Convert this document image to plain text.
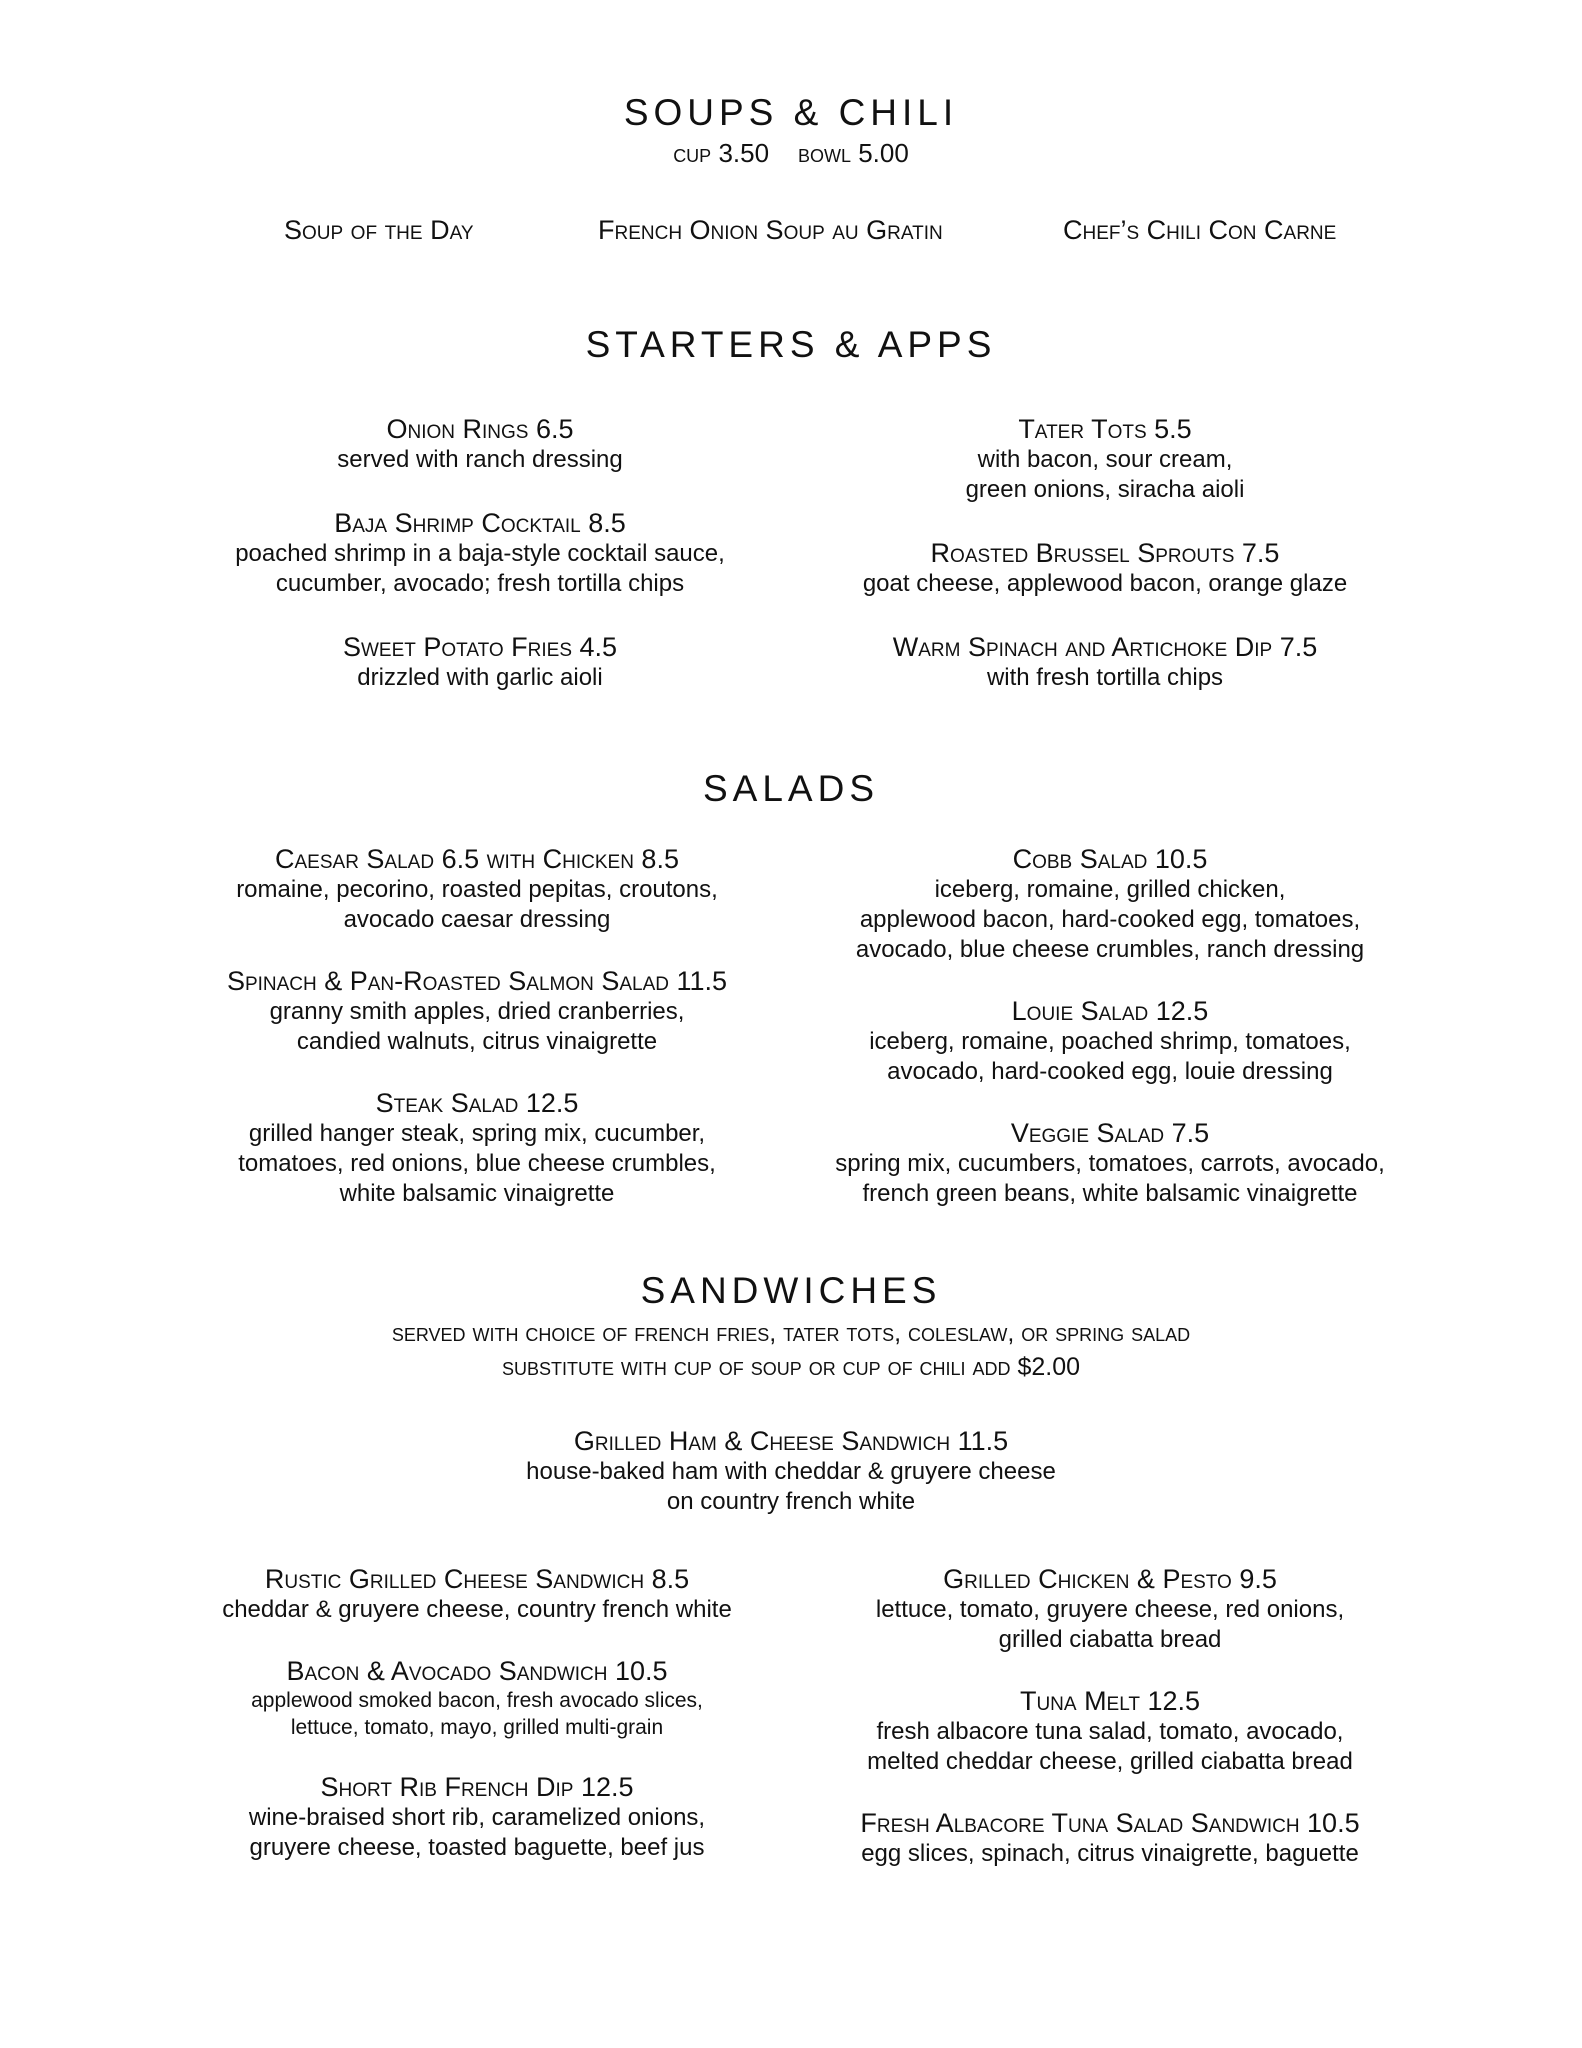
SOUPS & CHILI
cup 3.50 bowl 5.00
Soup of the Day	French Onion Soup au Gratin	Chef’s Chili Con Carne
STARTERS & APPS
Onion Rings 6.5
served with ranch dressing
Baja Shrimp Cocktail 8.5
poached shrimp in a baja-style cocktail sauce,
cucumber, avocado; fresh tortilla chips
Sweet Potato Fries 4.5
drizzled with garlic aioli
Tater Tots 5.5
with bacon, sour cream,
green onions, siracha aioli
Roasted Brussel Sprouts 7.5
goat cheese, applewood bacon, orange glaze
Warm Spinach and Artichoke Dip 7.5
with fresh tortilla chips
SALADS
Caesar Salad 6.5 with Chicken 8.5
romaine, pecorino, roasted pepitas, croutons,
avocado caesar dressing
Spinach & Pan-Roasted Salmon Salad 11.5
granny smith apples, dried cranberries,
candied walnuts, citrus vinaigrette
Steak Salad 12.5
grilled hanger steak, spring mix, cucumber,
tomatoes, red onions, blue cheese crumbles,
white balsamic vinaigrette
Cobb Salad 10.5
iceberg, romaine, grilled chicken,
applewood bacon, hard-cooked egg, tomatoes,
avocado, blue cheese crumbles, ranch dressing
Louie Salad 12.5
iceberg, romaine, poached shrimp, tomatoes,
avocado, hard-cooked egg, louie dressing
Veggie Salad 7.5
spring mix, cucumbers, tomatoes, carrots, avocado,
french green beans, white balsamic vinaigrette
SANDWICHES
served with choice of french fries, tater tots, coleslaw, or spring salad
substitute with cup of soup or cup of chili add $2.00
Grilled Ham & Cheese Sandwich 11.5
house-baked ham with cheddar & gruyere cheese
on country french white
Rustic Grilled Cheese Sandwich 8.5
cheddar & gruyere cheese, country french white
Bacon & Avocado Sandwich 10.5
applewood smoked bacon, fresh avocado slices,
lettuce, tomato, mayo, grilled multi-grain
Short Rib French Dip 12.5
wine-braised short rib, caramelized onions,
gruyere cheese, toasted baguette, beef jus
Grilled Chicken & Pesto 9.5
lettuce, tomato, gruyere cheese, red onions,
grilled ciabatta bread
Tuna Melt 12.5
fresh albacore tuna salad, tomato, avocado,
melted cheddar cheese, grilled ciabatta bread
Fresh Albacore Tuna Salad Sandwich 10.5
egg slices, spinach, citrus vinaigrette, baguette
